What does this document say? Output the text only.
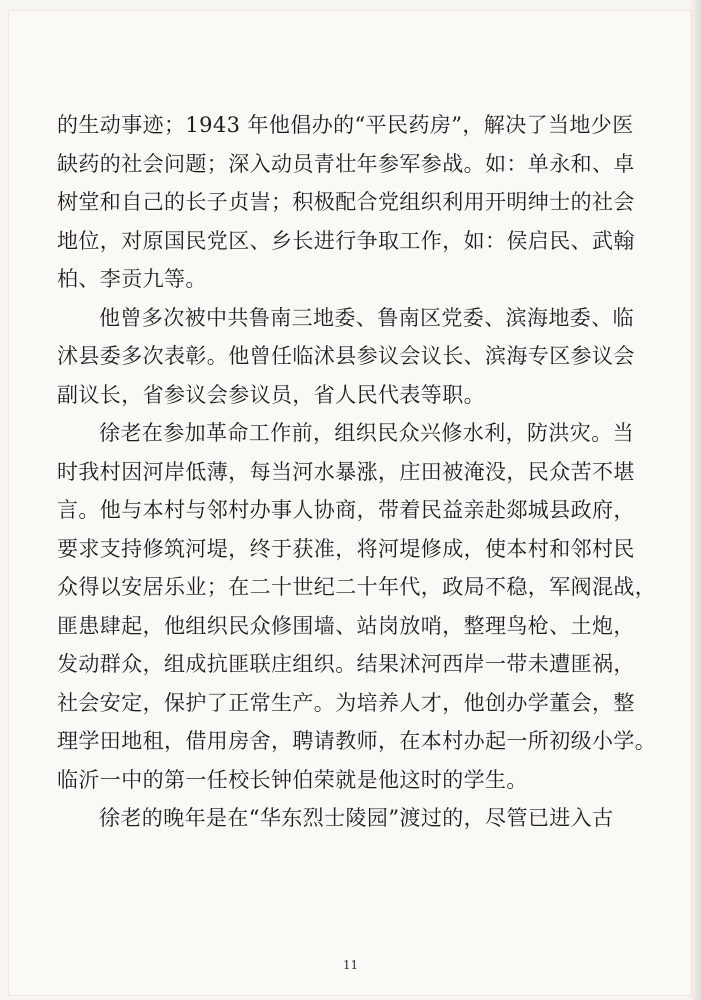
的生动事迹；1943 年他倡办的“平民药房”，解决了当地少医
缺药的社会问题；深入动员青壮年参军参战。如：单永和、卓
树堂和自己的长子贞訔；积极配合党组织利用开明绅士的社会
地位，对原国民党区、乡长进行争取工作，如：侯启民、武翰
柏、李贡九等。

他曾多次被中共鲁南三地委、鲁南区党委、滨海地委、临
沭县委多次表彰。他曾任临沭县参议会议长、滨海专区参议会
副议长，省参议会参议员，省人民代表等职。

徐老在参加革命工作前，组织民众兴修水利，防洪灾。当
时我村因河岸低薄，每当河水暴涨，庄田被淹没，民众苦不堪
言。他与本村与邻村办事人协商，带着民益亲赴郯城县政府，
要求支持修筑河堤，终于获准，将河堤修成，使本村和邻村民
众得以安居乐业；在二十世纪二十年代，政局不稳，军阀混战，
匪患肆起，他组织民众修围墙、站岗放哨，整理鸟枪、土炮，
发动群众，组成抗匪联庄组织。结果沭河西岸一带未遭匪祸，
社会安定，保护了正常生产。为培养人才，他创办学董会，整
理学田地租，借用房舍，聘请教师，在本村办起一所初级小学。
临沂一中的第一任校长钟伯荣就是他这时的学生。

徐老的晚年是在“华东烈士陵园”渡过的，尽管已进入古

11
